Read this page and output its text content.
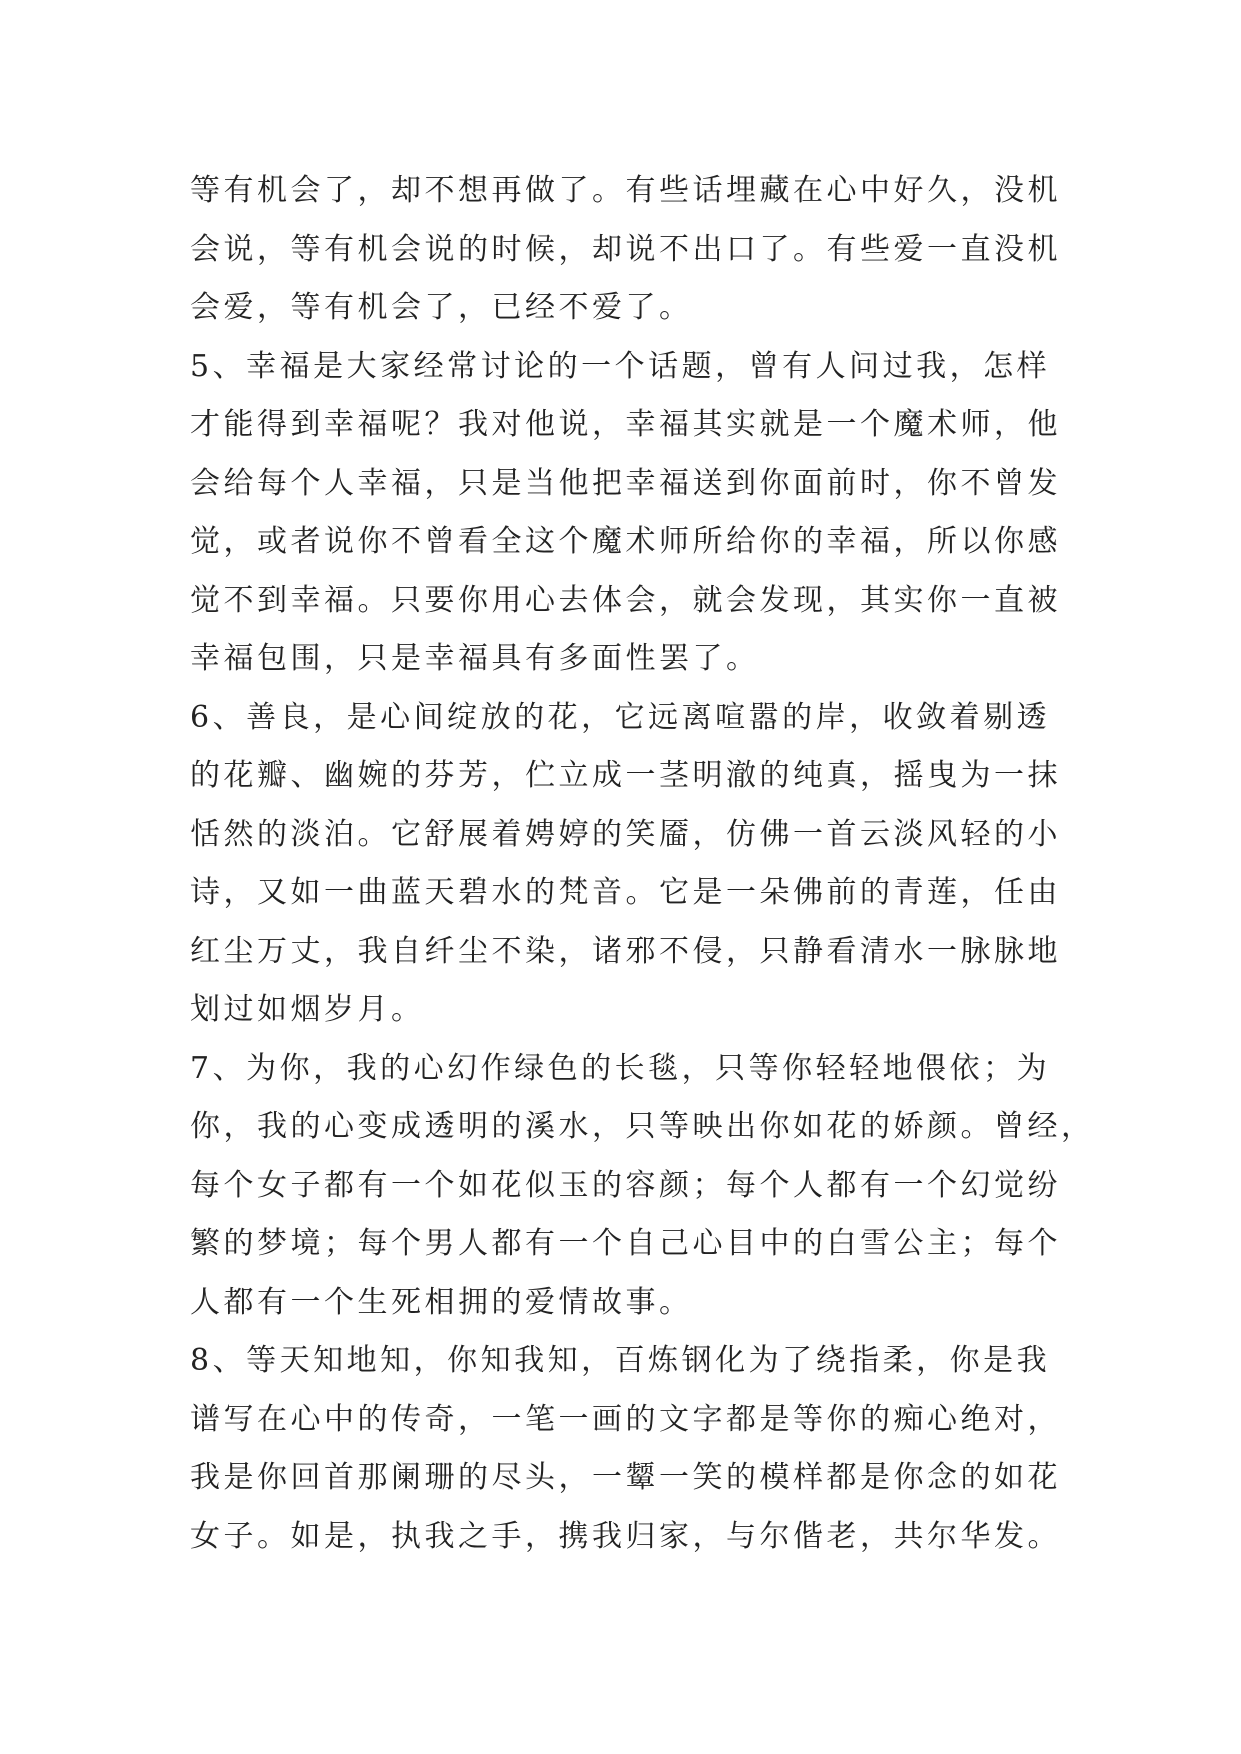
等有机会了，却不想再做了。有些话埋藏在心中好久，没机
会说，等有机会说的时候，却说不出口了。有些爱一直没机
会爱，等有机会了，已经不爱了。
5、幸福是大家经常讨论的一个话题，曾有人问过我，怎样
才能得到幸福呢？我对他说，幸福其实就是一个魔术师，他
会给每个人幸福，只是当他把幸福送到你面前时，你不曾发
觉，或者说你不曾看全这个魔术师所给你的幸福，所以你感
觉不到幸福。只要你用心去体会，就会发现，其实你一直被
幸福包围，只是幸福具有多面性罢了。
6、善良，是心间绽放的花，它远离喧嚣的岸，收敛着剔透
的花瓣、幽婉的芬芳，伫立成一茎明澈的纯真，摇曳为一抹
恬然的淡泊。它舒展着娉婷的笑靥，仿佛一首云淡风轻的小
诗，又如一曲蓝天碧水的梵音。它是一朵佛前的青莲，任由
红尘万丈，我自纤尘不染，诸邪不侵，只静看清水一脉脉地
划过如烟岁月。
7、为你，我的心幻作绿色的长毯，只等你轻轻地偎依；为
你，我的心变成透明的溪水，只等映出你如花的娇颜。曾经，
每个女子都有一个如花似玉的容颜；每个人都有一个幻觉纷
繁的梦境；每个男人都有一个自己心目中的白雪公主；每个
人都有一个生死相拥的爱情故事。
8、等天知地知，你知我知，百炼钢化为了绕指柔，你是我
谱写在心中的传奇，一笔一画的文字都是等你的痴心绝对，
我是你回首那阑珊的尽头，一颦一笑的模样都是你念的如花
女子。如是，执我之手，携我归家，与尔偕老，共尔华发。
